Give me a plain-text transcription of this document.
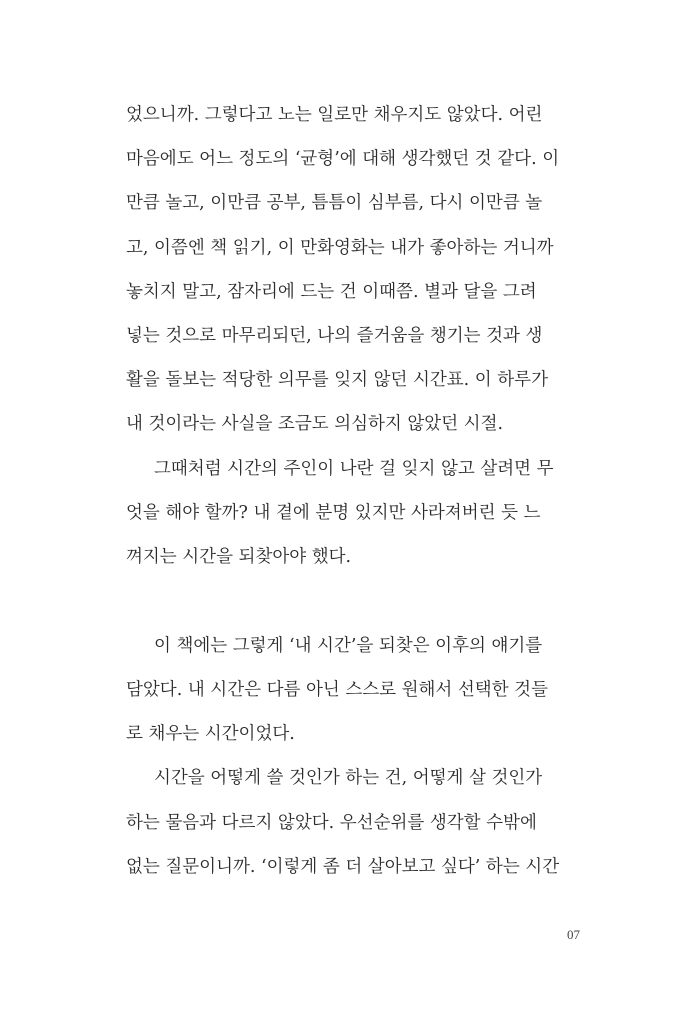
었으니까. 그렇다고 노는 일로만 채우지도 않았다. 어린
마음에도 어느 정도의 ‘균형’에 대해 생각했던 것 같다. 이
만큼 놀고, 이만큼 공부, 틈틈이 심부름, 다시 이만큼 놀
고, 이쯤엔 책 읽기, 이 만화영화는 내가 좋아하는 거니까
놓치지 말고, 잠자리에 드는 건 이때쯤. 별과 달을 그려
넣는 것으로 마무리되던, 나의 즐거움을 챙기는 것과 생
활을 돌보는 적당한 의무를 잊지 않던 시간표. 이 하루가
내 것이라는 사실을 조금도 의심하지 않았던 시절.
그때처럼 시간의 주인이 나란 걸 잊지 않고 살려면 무
엇을 해야 할까? 내 곁에 분명 있지만 사라져버린 듯 느
껴지는 시간을 되찾아야 했다.
이 책에는 그렇게 ‘내 시간’을 되찾은 이후의 얘기를
담았다. 내 시간은 다름 아닌 스스로 원해서 선택한 것들
로 채우는 시간이었다.
시간을 어떻게 쓸 것인가 하는 건, 어떻게 살 것인가
하는 물음과 다르지 않았다. 우선순위를 생각할 수밖에
없는 질문이니까. ‘이렇게 좀 더 살아보고 싶다’ 하는 시간
07
